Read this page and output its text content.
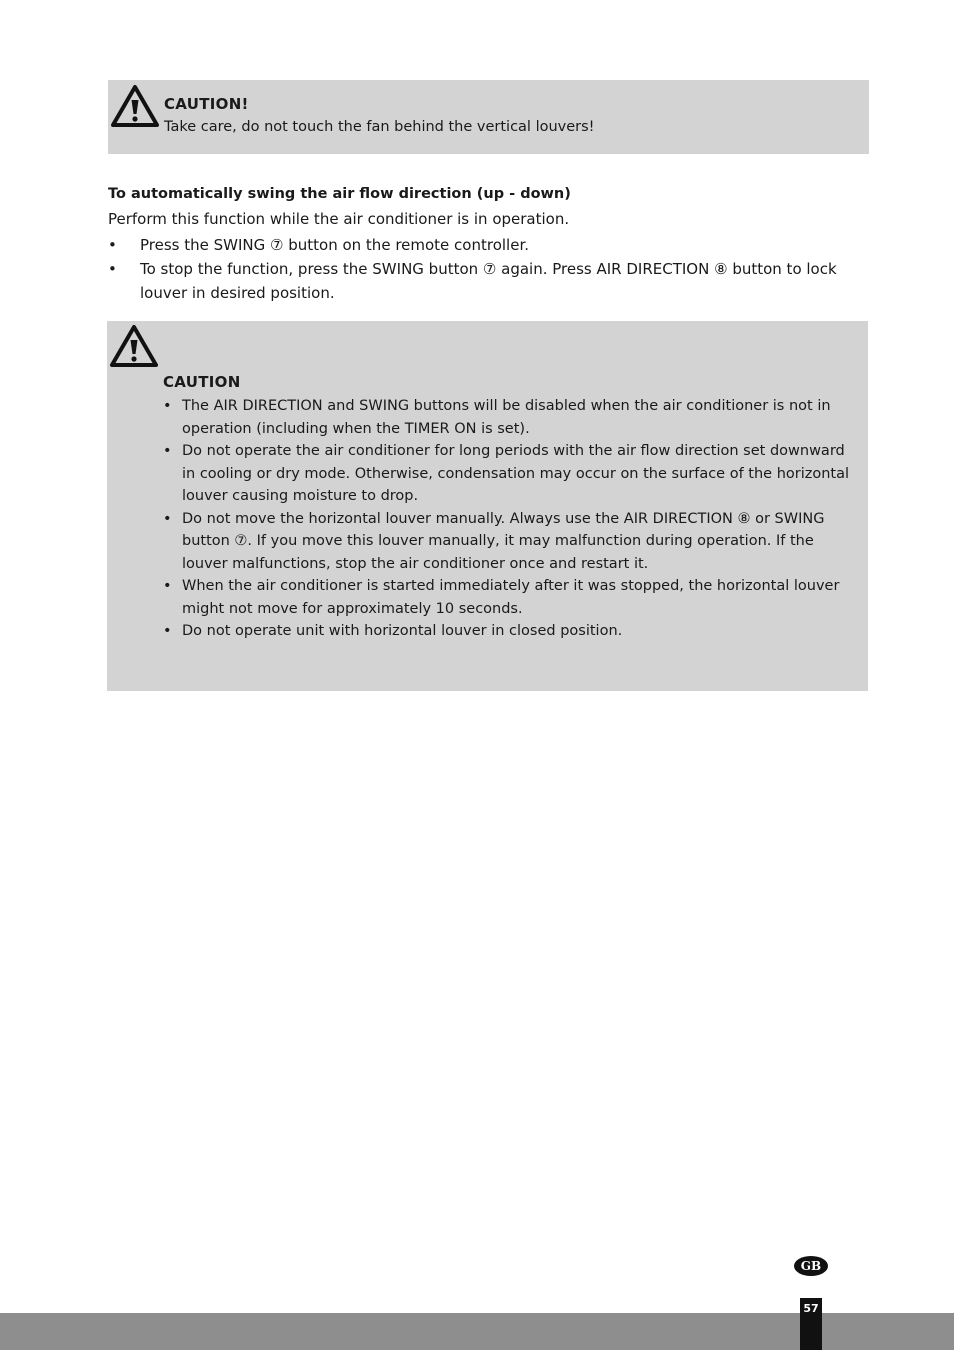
CAUTION!
Take care, do not touch the fan behind the vertical louvers!
To automatically swing the air flow direction (up - down)
Perform this function while the air conditioner is in operation.
• Press the SWING ⑦ button on the remote controller.
• To stop the function, press the SWING button ⑦ again. Press AIR DIRECTION ⑧ button to lock louver in desired position.
CAUTION
• The AIR DIRECTION and SWING buttons will be disabled when the air conditioner is not in operation (including when the TIMER ON is set).
• Do not operate the air conditioner for long periods with the air flow direction set downward in cooling or dry mode. Otherwise, condensation may occur on the surface of the horizontal louver causing moisture to drop.
• Do not move the horizontal louver manually. Always use the AIR DIRECTION ⑧ or SWING button ⑦. If you move this louver manually, it may malfunction during operation. If the louver malfunctions, stop the air conditioner once and restart it.
• When the air conditioner is started immediately after it was stopped, the horizontal louver might not move for approximately 10 seconds.
• Do not operate unit with horizontal louver in closed position.
GB
57
